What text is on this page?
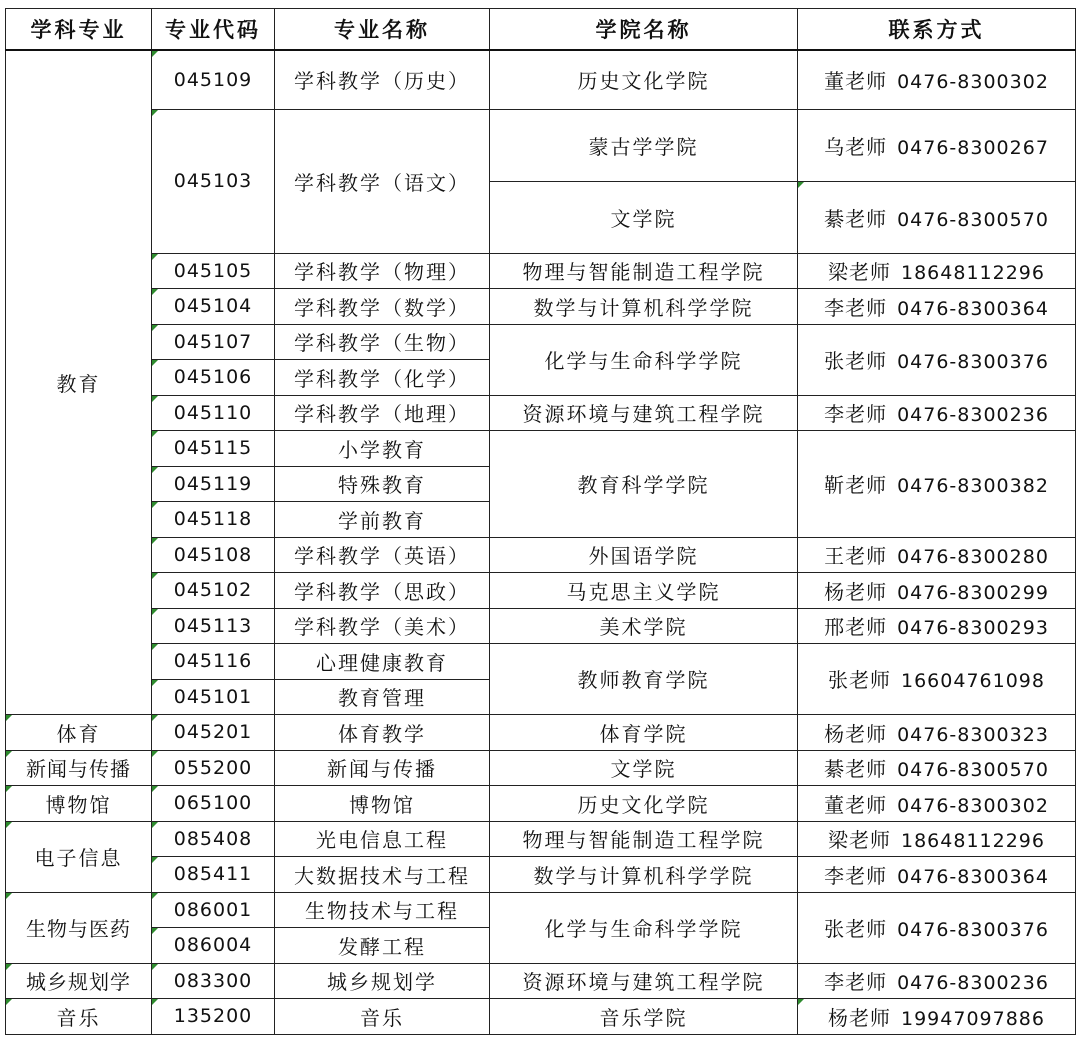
学科专业	专业代码	专业名称	学院名称	联系方式
教育	045109	学科教学（历史）	历史文化学院	董老师 0476-8300302
	045103	学科教学（语文）	蒙古学学院	乌老师 0476-8300267
			文学院	綦老师 0476-8300570
	045105	学科教学（物理）	物理与智能制造工程学院	梁老师 18648112296
	045104	学科教学（数学）	数学与计算机科学学院	李老师 0476-8300364
	045107	学科教学（生物）	化学与生命科学学院	张老师 0476-8300376
	045106	学科教学（化学）		
	045110	学科教学（地理）	资源环境与建筑工程学院	李老师 0476-8300236
	045115	小学教育	教育科学学院	靳老师 0476-8300382
	045119	特殊教育		
	045118	学前教育		
	045108	学科教学（英语）	外国语学院	王老师 0476-8300280
	045102	学科教学（思政）	马克思主义学院	杨老师 0476-8300299
	045113	学科教学（美术）	美术学院	邢老师 0476-8300293
	045116	心理健康教育	教师教育学院	张老师 16604761098
	045101	教育管理		
体育	045201	体育教学	体育学院	杨老师 0476-8300323
新闻与传播	055200	新闻与传播	文学院	綦老师 0476-8300570
博物馆	065100	博物馆	历史文化学院	董老师 0476-8300302
电子信息	085408	光电信息工程	物理与智能制造工程学院	梁老师 18648112296
	085411	大数据技术与工程	数学与计算机科学学院	李老师 0476-8300364
生物与医药	086001	生物技术与工程	化学与生命科学学院	张老师 0476-8300376
	086004	发酵工程		
城乡规划学	083300	城乡规划学	资源环境与建筑工程学院	李老师 0476-8300236
音乐	135200	音乐	音乐学院	杨老师 19947097886
